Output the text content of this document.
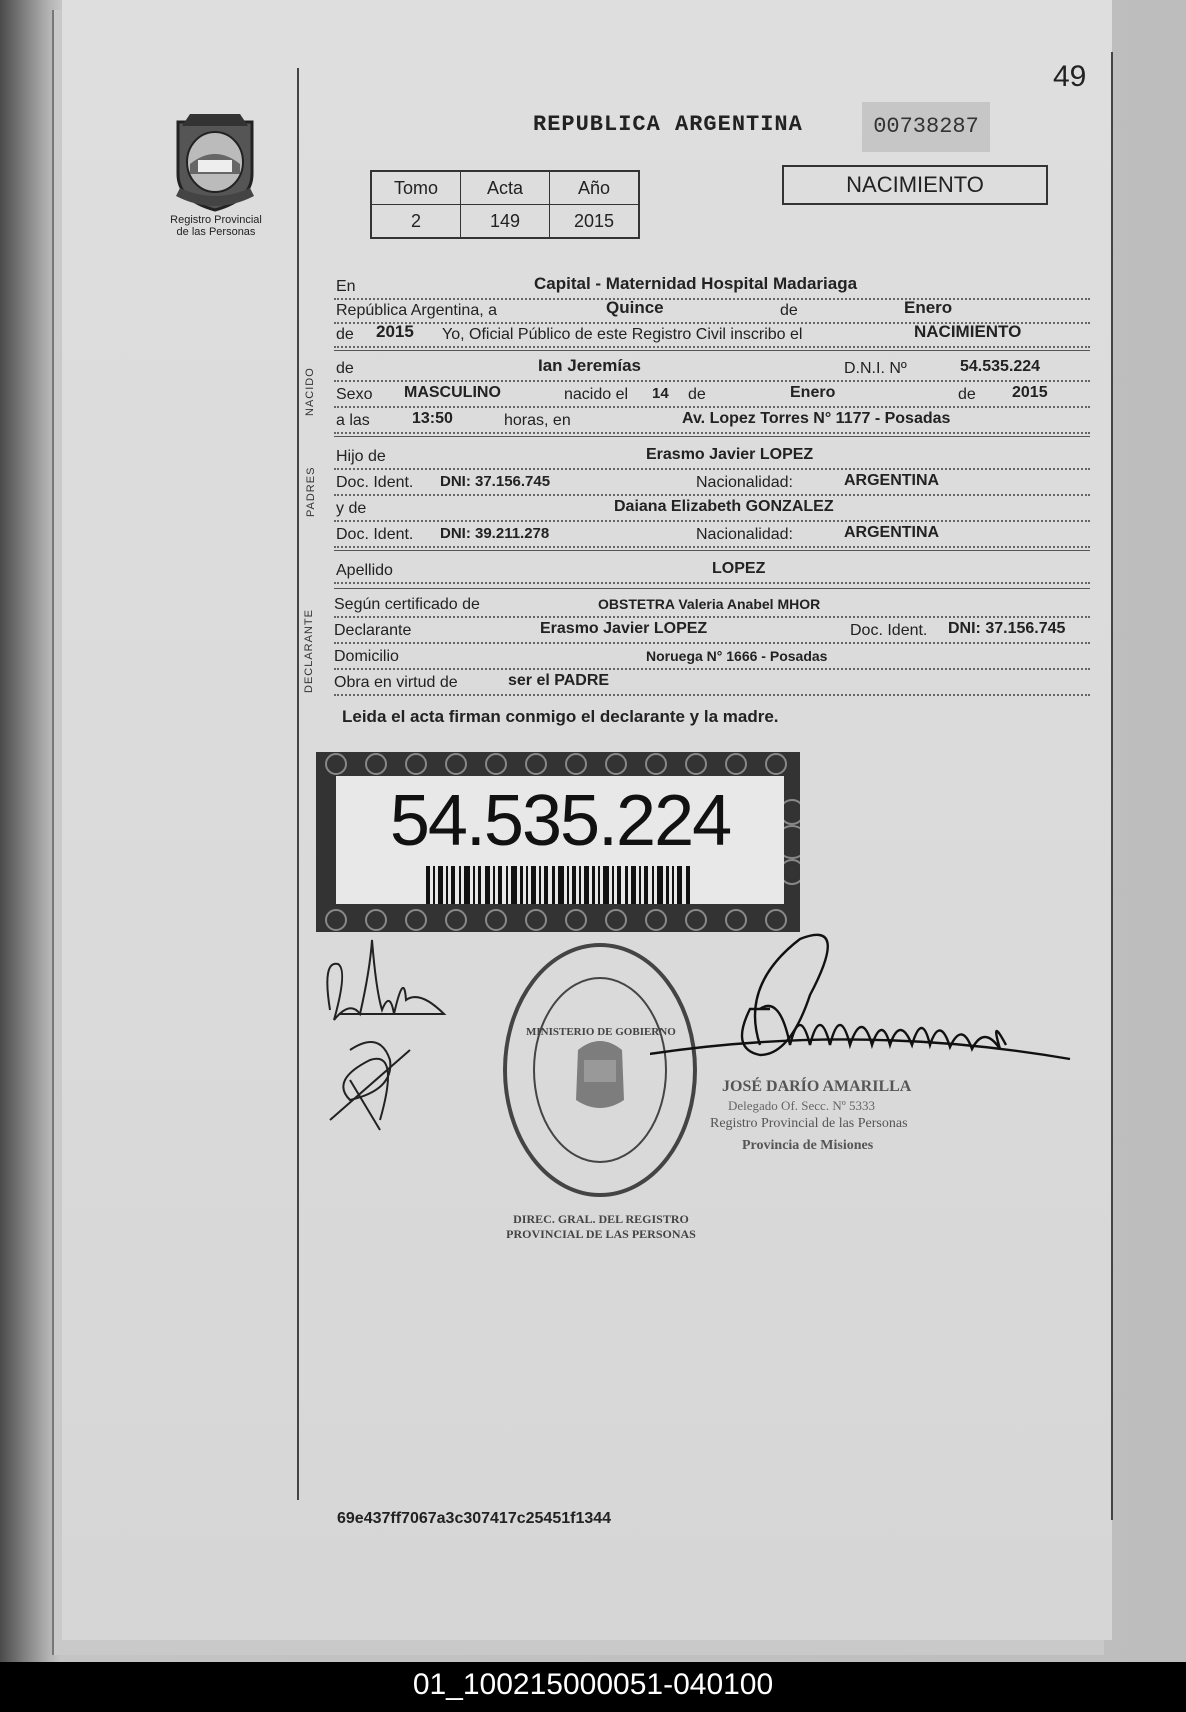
49
Registro Provincial
de las Personas
REPUBLICA ARGENTINA	00738287
Tomo	Acta	Año
2	149	2015
NACIMIENTO
En	Capital - Maternidad Hospital Madariaga
República Argentina, a	Quince	de	Enero
de 2015 Yo, Oficial Público de este Registro Civil inscribo el	NACIMIENTO
NACIDO de	Ian Jeremías	D.N.I. Nº	54.535.224
Sexo MASCULINO	nacido el 14 de	Enero	de 2015
a las	13:50	horas, en	Av. Lopez Torres N° 1177 - Posadas
PADRES
Hijo de	Erasmo Javier LOPEZ
Doc. Ident. DNI: 37.156.745	Nacionalidad:	ARGENTINA
y de	Daiana Elizabeth GONZALEZ
Doc. Ident. DNI: 39.211.278	Nacionalidad:	ARGENTINA
Apellido	LOPEZ
DECLARANTE
Según certificado de	OBSTETRA Valeria Anabel MHOR
Declarante	Erasmo Javier LOPEZ	Doc. Ident. DNI: 37.156.745
Domicilio	Noruega N° 1666 - Posadas
Obra en virtud de	ser el PADRE
Leida el acta firman conmigo el declarante y la madre.
54.535.224
DIREC. GRAL. DEL REGISTRO PROVINCIAL DE LAS PERSONAS
MINISTERIO DE GOBIERNO
JOSÉ DARÍO AMARILLA
Delegado Of. Secc. Nº 5333
Registro Provincial de las Personas
Provincia de Misiones
69e437ff7067a3c307417c25451f1344
01_100215000051-040100
